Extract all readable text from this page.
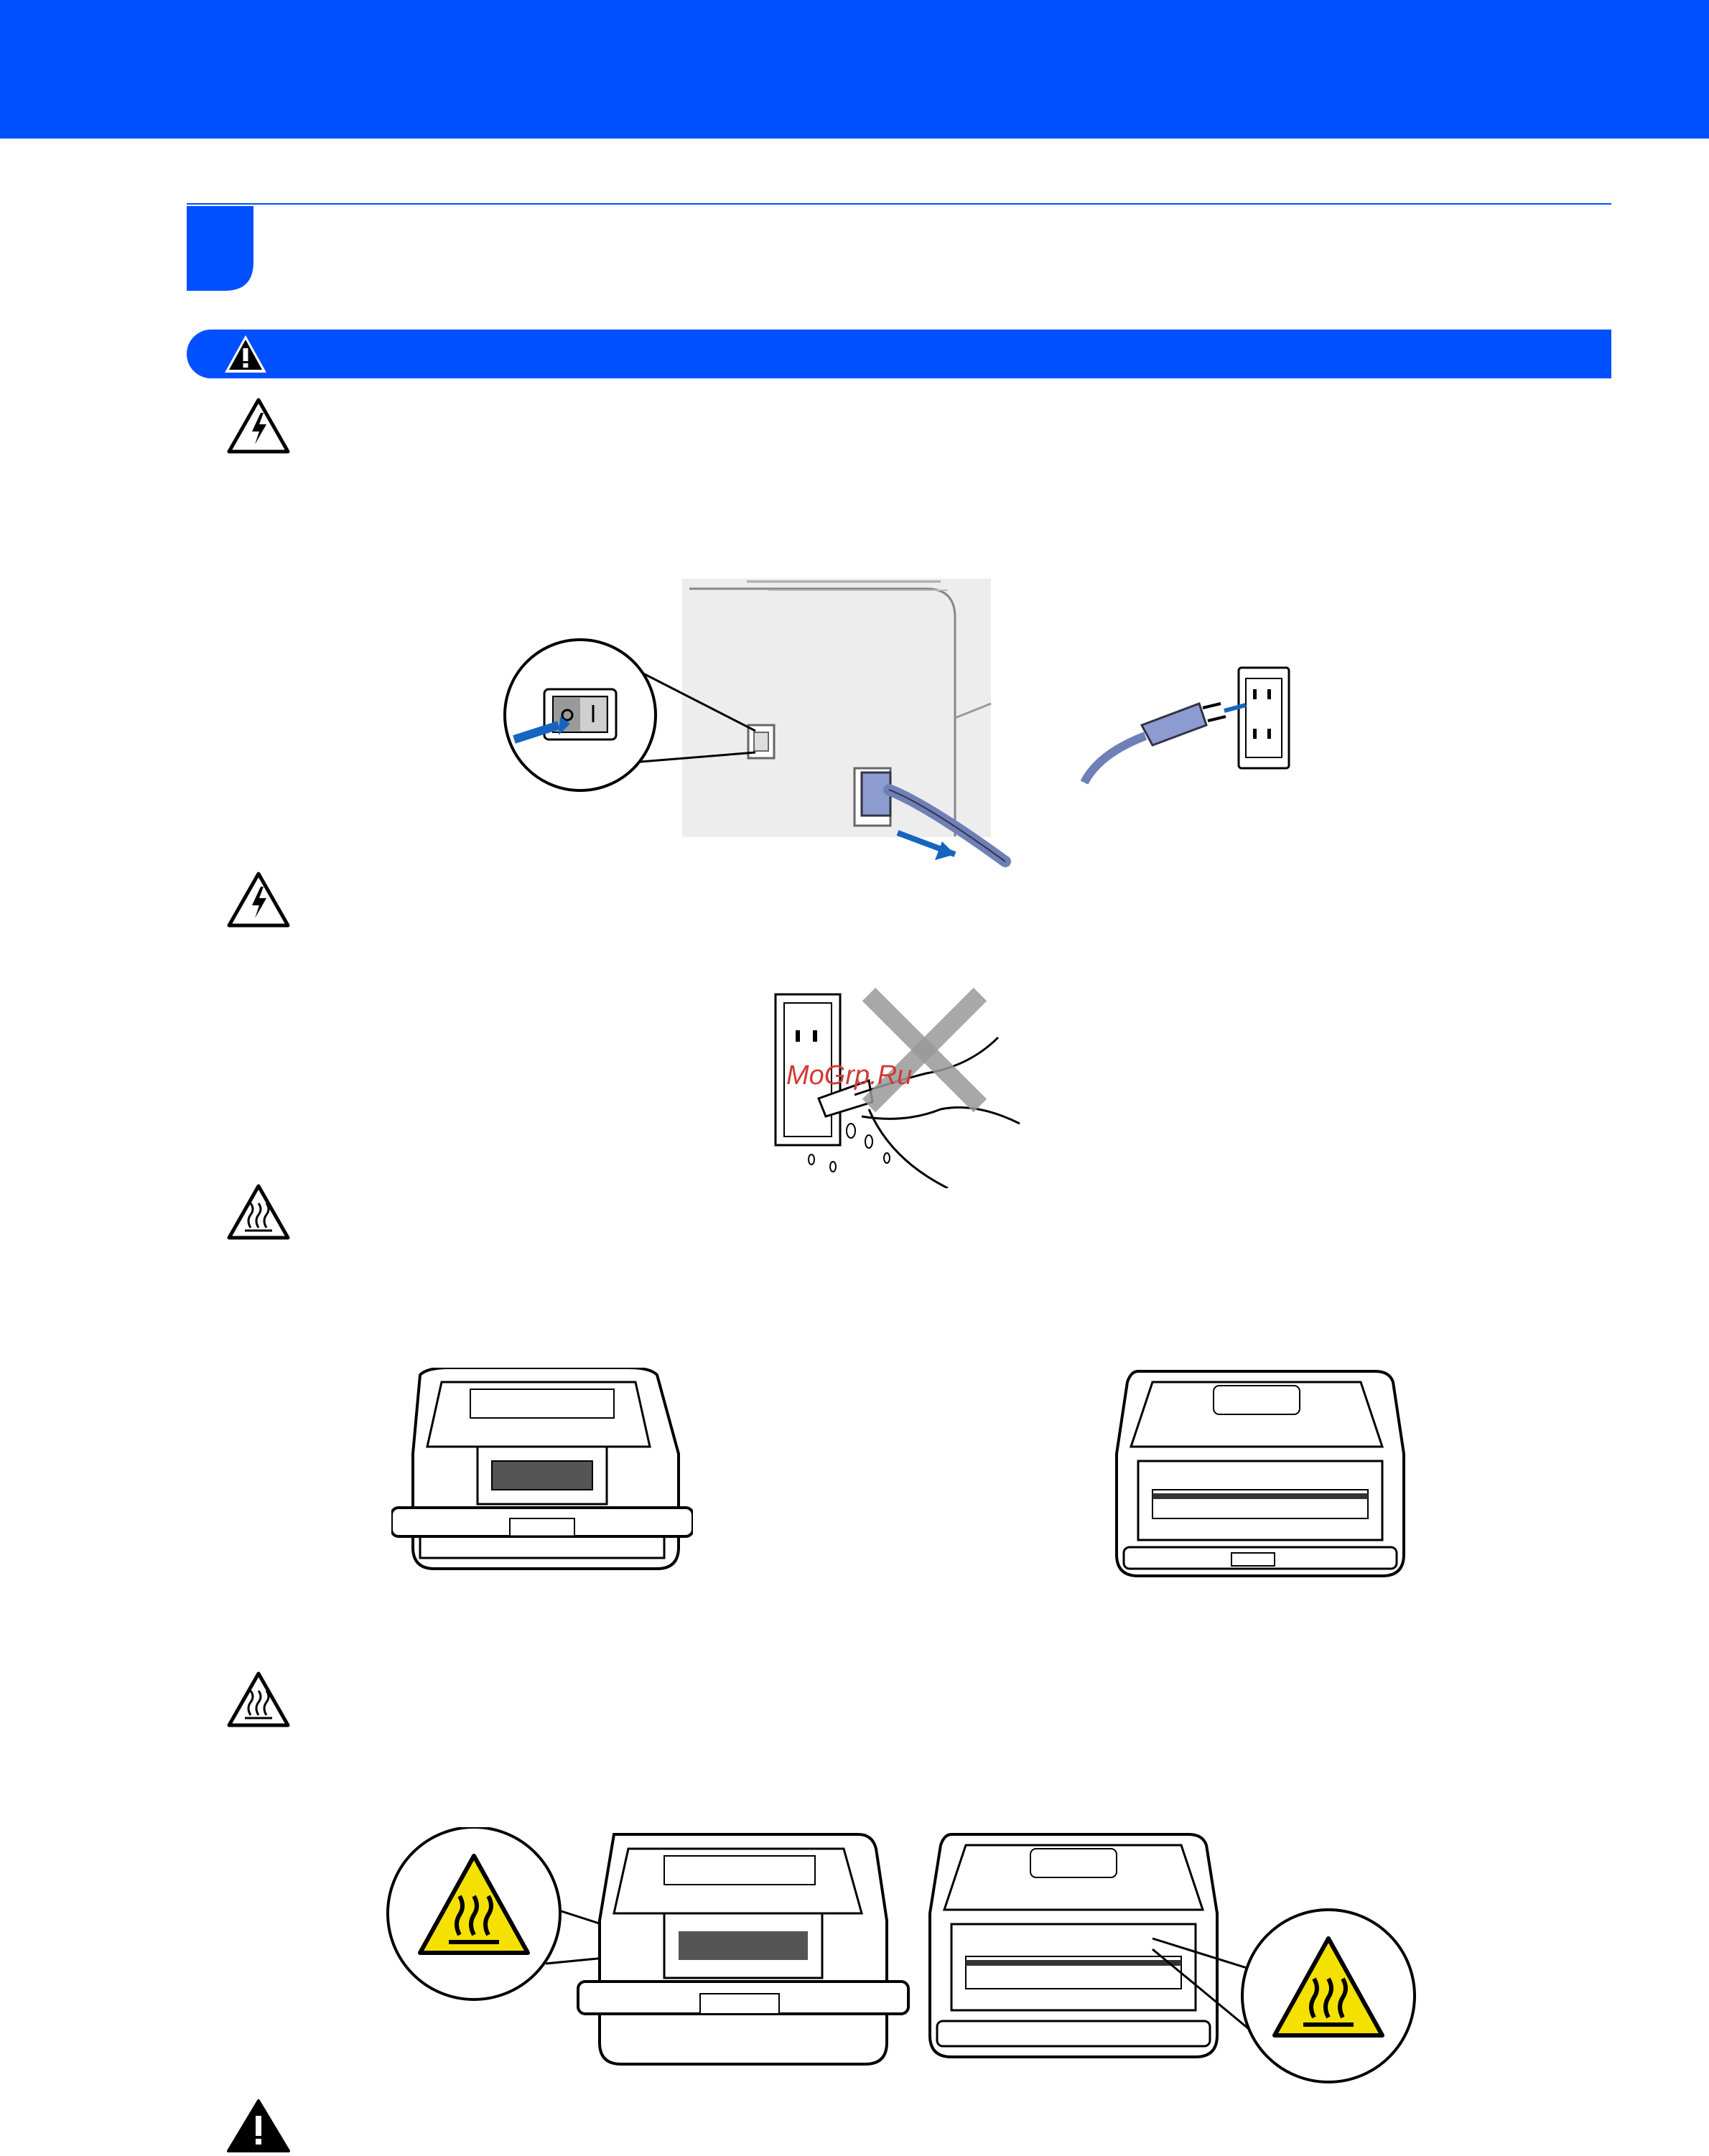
MoGrp.Ru
